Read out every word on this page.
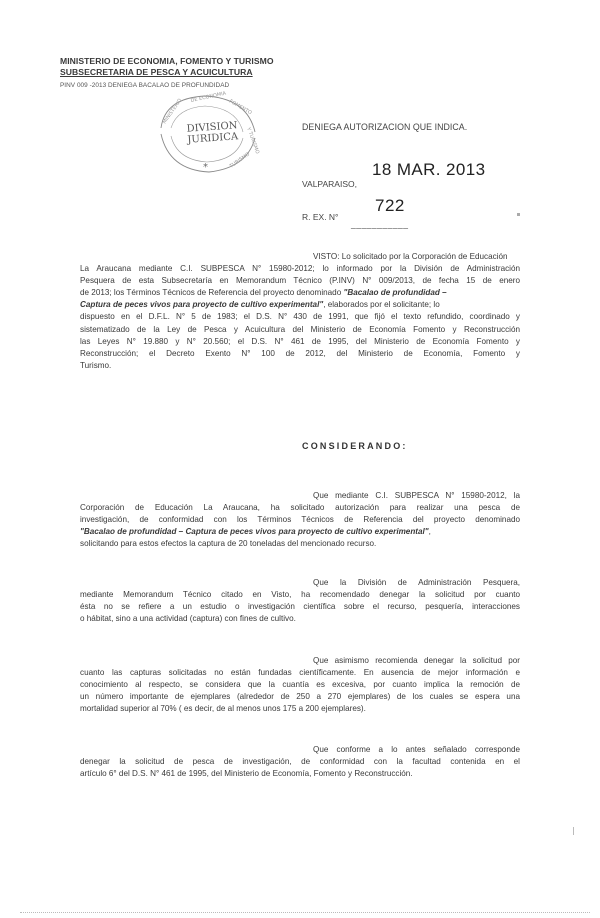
MINISTERIO DE ECONOMIA, FOMENTO Y TURISMO
SUBSECRETARIA DE PESCA Y ACUICULTURA
PINV 009 -2013 DENIEGA BACALAO DE PROFUNDIDAD
MINISTERIO
DE ECONOMIA
FOMENTO
Y TURISMO
TURISMO
*
DIVISION
JURIDICA
DENIEGA AUTORIZACION QUE INDICA.
VALPARAISO,
18 MAR. 2013
R. EX. N°
___________
722
VISTO: Lo solicitado por la Corporación de Educación
La Araucana mediante C.I. SUBPESCA N° 15980-2012; lo informado por la División de Administración
Pesquera de esta Subsecretaría en Memorandum Técnico (P.INV) N° 009/2013, de fecha 15 de enero
de 2013; los Términos Técnicos de Referencia del proyecto denominado "Bacalao de profundidad –
Captura de peces vivos para proyecto de cultivo experimental", elaborados por el solicitante; lo
dispuesto en el D.F.L. N° 5 de 1983; el D.S. N° 430 de 1991, que fijó el texto refundido, coordinado y
sistematizado de la Ley de Pesca y Acuicultura del Ministerio de Economía Fomento y Reconstrucción
las Leyes N° 19.880 y N° 20.560; el D.S. N° 461 de 1995, del Ministerio de Economía Fomento y
Reconstrucción; el Decreto Exento N° 100 de 2012, del Ministerio de Economía, Fomento y
Turismo.
CONSIDERANDO:
Que mediante C.I. SUBPESCA N° 15980-2012, la
Corporación de Educación La Araucana, ha solicitado autorización para realizar una pesca de
investigación, de conformidad con los Términos Técnicos de Referencia del proyecto denominado
"Bacalao de profundidad – Captura de peces vivos para proyecto de cultivo experimental",
solicitando para estos efectos la captura de 20 toneladas del mencionado recurso.
Que la División de Administración Pesquera,
mediante Memorandum Técnico citado en Visto, ha recomendado denegar la solicitud por cuanto
ésta no se refiere a un estudio o investigación científica sobre el recurso, pesquería, interacciones
o hábitat, sino a una actividad (captura) con fines de cultivo.
Que asimismo recomienda denegar la solicitud por
cuanto las capturas solicitadas no están fundadas científicamente. En ausencia de mejor información e
conocimiento al respecto, se considera que la cuantía es excesiva, por cuanto implica la remoción de
un número importante de ejemplares (alrededor de 250 a 270 ejemplares) de los cuales se espera una
mortalidad superior al 70% ( es decir, de al menos unos 175 a 200 ejemplares).
Que conforme a lo antes señalado corresponde
denegar la solicitud de pesca de investigación, de conformidad con la facultad contenida en el
artículo 6° del D.S. N° 461 de 1995, del Ministerio de Economía, Fomento y Reconstrucción.
